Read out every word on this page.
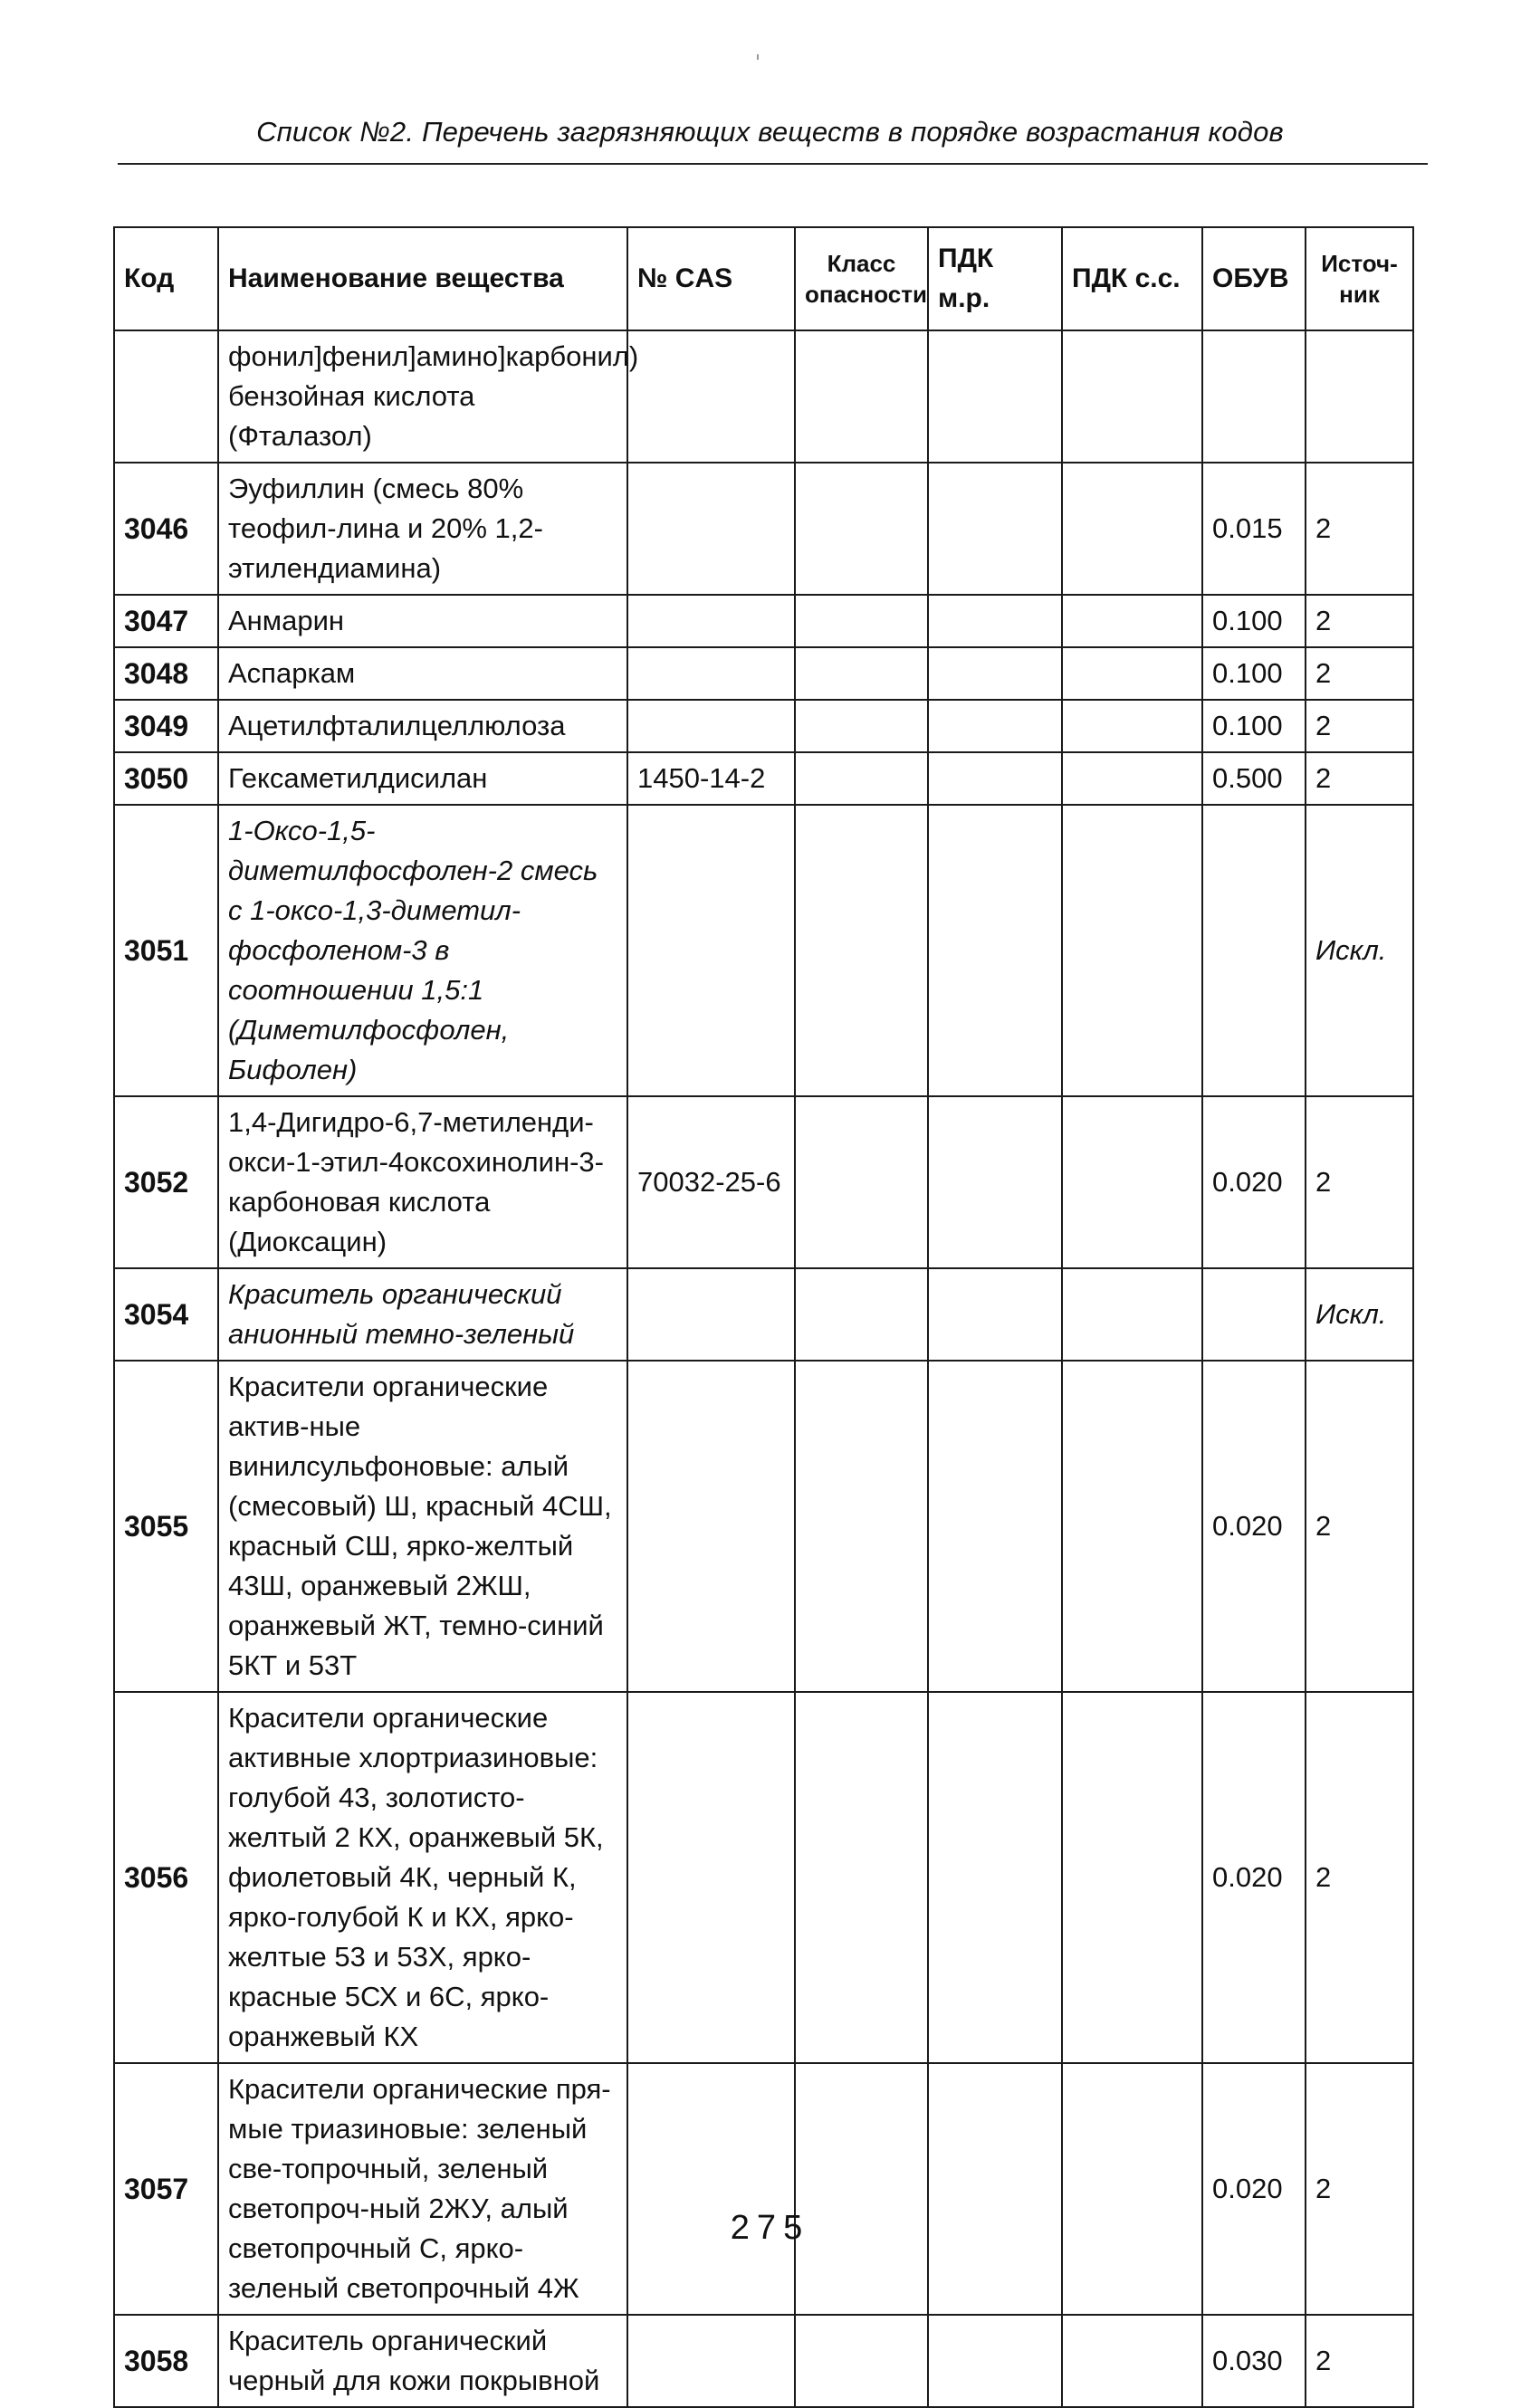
Список №2. Перечень загрязняющих веществ в порядке возрастания кодов
Код	Наименование вещества	№ CAS	Класс опасности	ПДК м.р.	ПДК с.с.	ОБУВ	Источ-ник
	фонил]фенил]амино]карбонил) бензойная кислота (Фталазол)						
3046	Эуфиллин (смесь 80% теофил-лина и 20% 1,2-этилендиамина)					0.015	2
3047	Анмарин					0.100	2
3048	Аспаркам					0.100	2
3049	Ацетилфталилцеллюлоза					0.100	2
3050	Гексаметилдисилан	1450-14-2				0.500	2
3051	1-Оксо-1,5-диметилфосфолен-2 смесь с 1-оксо-1,3-диметил-фосфоленом-3 в соотношении 1,5:1 (Диметилфосфолен, Бифолен)						Искл.
3052	1,4-Дигидро-6,7-метиленди-окси-1-этил-4оксохинолин-3-карбоновая кислота (Диоксацин)	70032-25-6				0.020	2
3054	Краситель органический анионный темно-зеленый						Искл.
3055	Красители органические актив-ные винилсульфоновые: алый (смесовый) Ш, красный 4СШ, красный СШ, ярко-желтый 43Ш, оранжевый 2ЖШ, оранжевый ЖТ, темно-синий 5КТ и 53Т					0.020	2
3056	Красители органические активные хлортриазиновые: голубой 43, золотисто-желтый 2 КХ, оранжевый 5К, фиолетовый 4К, черный К, ярко-голубой К и КХ, ярко-желтые 53 и 53Х, ярко-красные 5СХ и 6С, ярко-оранжевый КХ					0.020	2
3057	Красители органические пря-мые триазиновые: зеленый све-топрочный, зеленый светопроч-ный 2ЖУ, алый светопрочный С, ярко-зеленый светопрочный 4Ж					0.020	2
3058	Краситель органический черный для кожи покрывной					0.030	2
275
